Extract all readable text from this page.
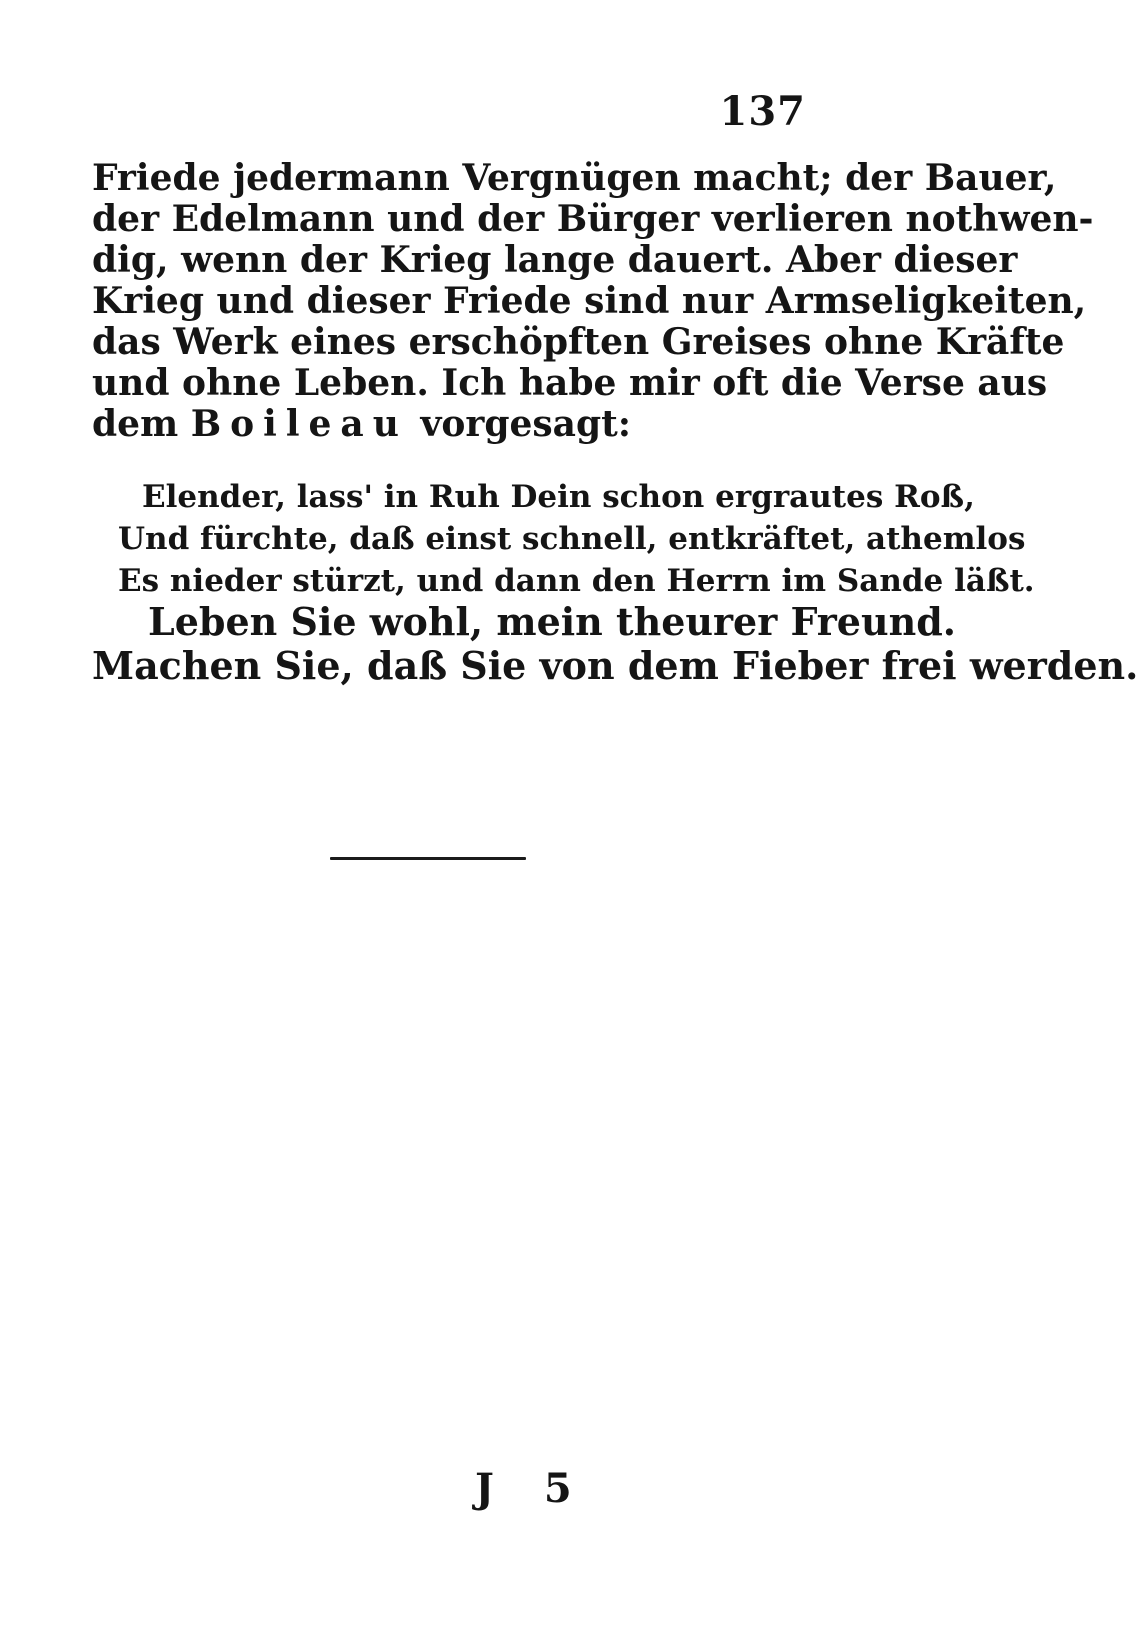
137
Friede jedermann Vergnügen macht; der Bauer,
der Edelmann und der Bürger verlieren nothwen-
dig, wenn der Krieg lange dauert. Aber dieser
Krieg und dieser Friede sind nur Armseligkeiten,
das Werk eines erschöpften Greises ohne Kräfte
und ohne Leben. Ich habe mir oft die Verse aus
dem Boileau vorgesagt:
Elender, lass' in Ruh Dein schon ergrautes Roß,
Und fürchte, daß einst schnell, entkräftet, athemlos
Es nieder stürzt, und dann den Herrn im Sande läßt.
Leben Sie wohl, mein theurer Freund.
Machen Sie, daß Sie von dem Fieber frei werden.
J 5
